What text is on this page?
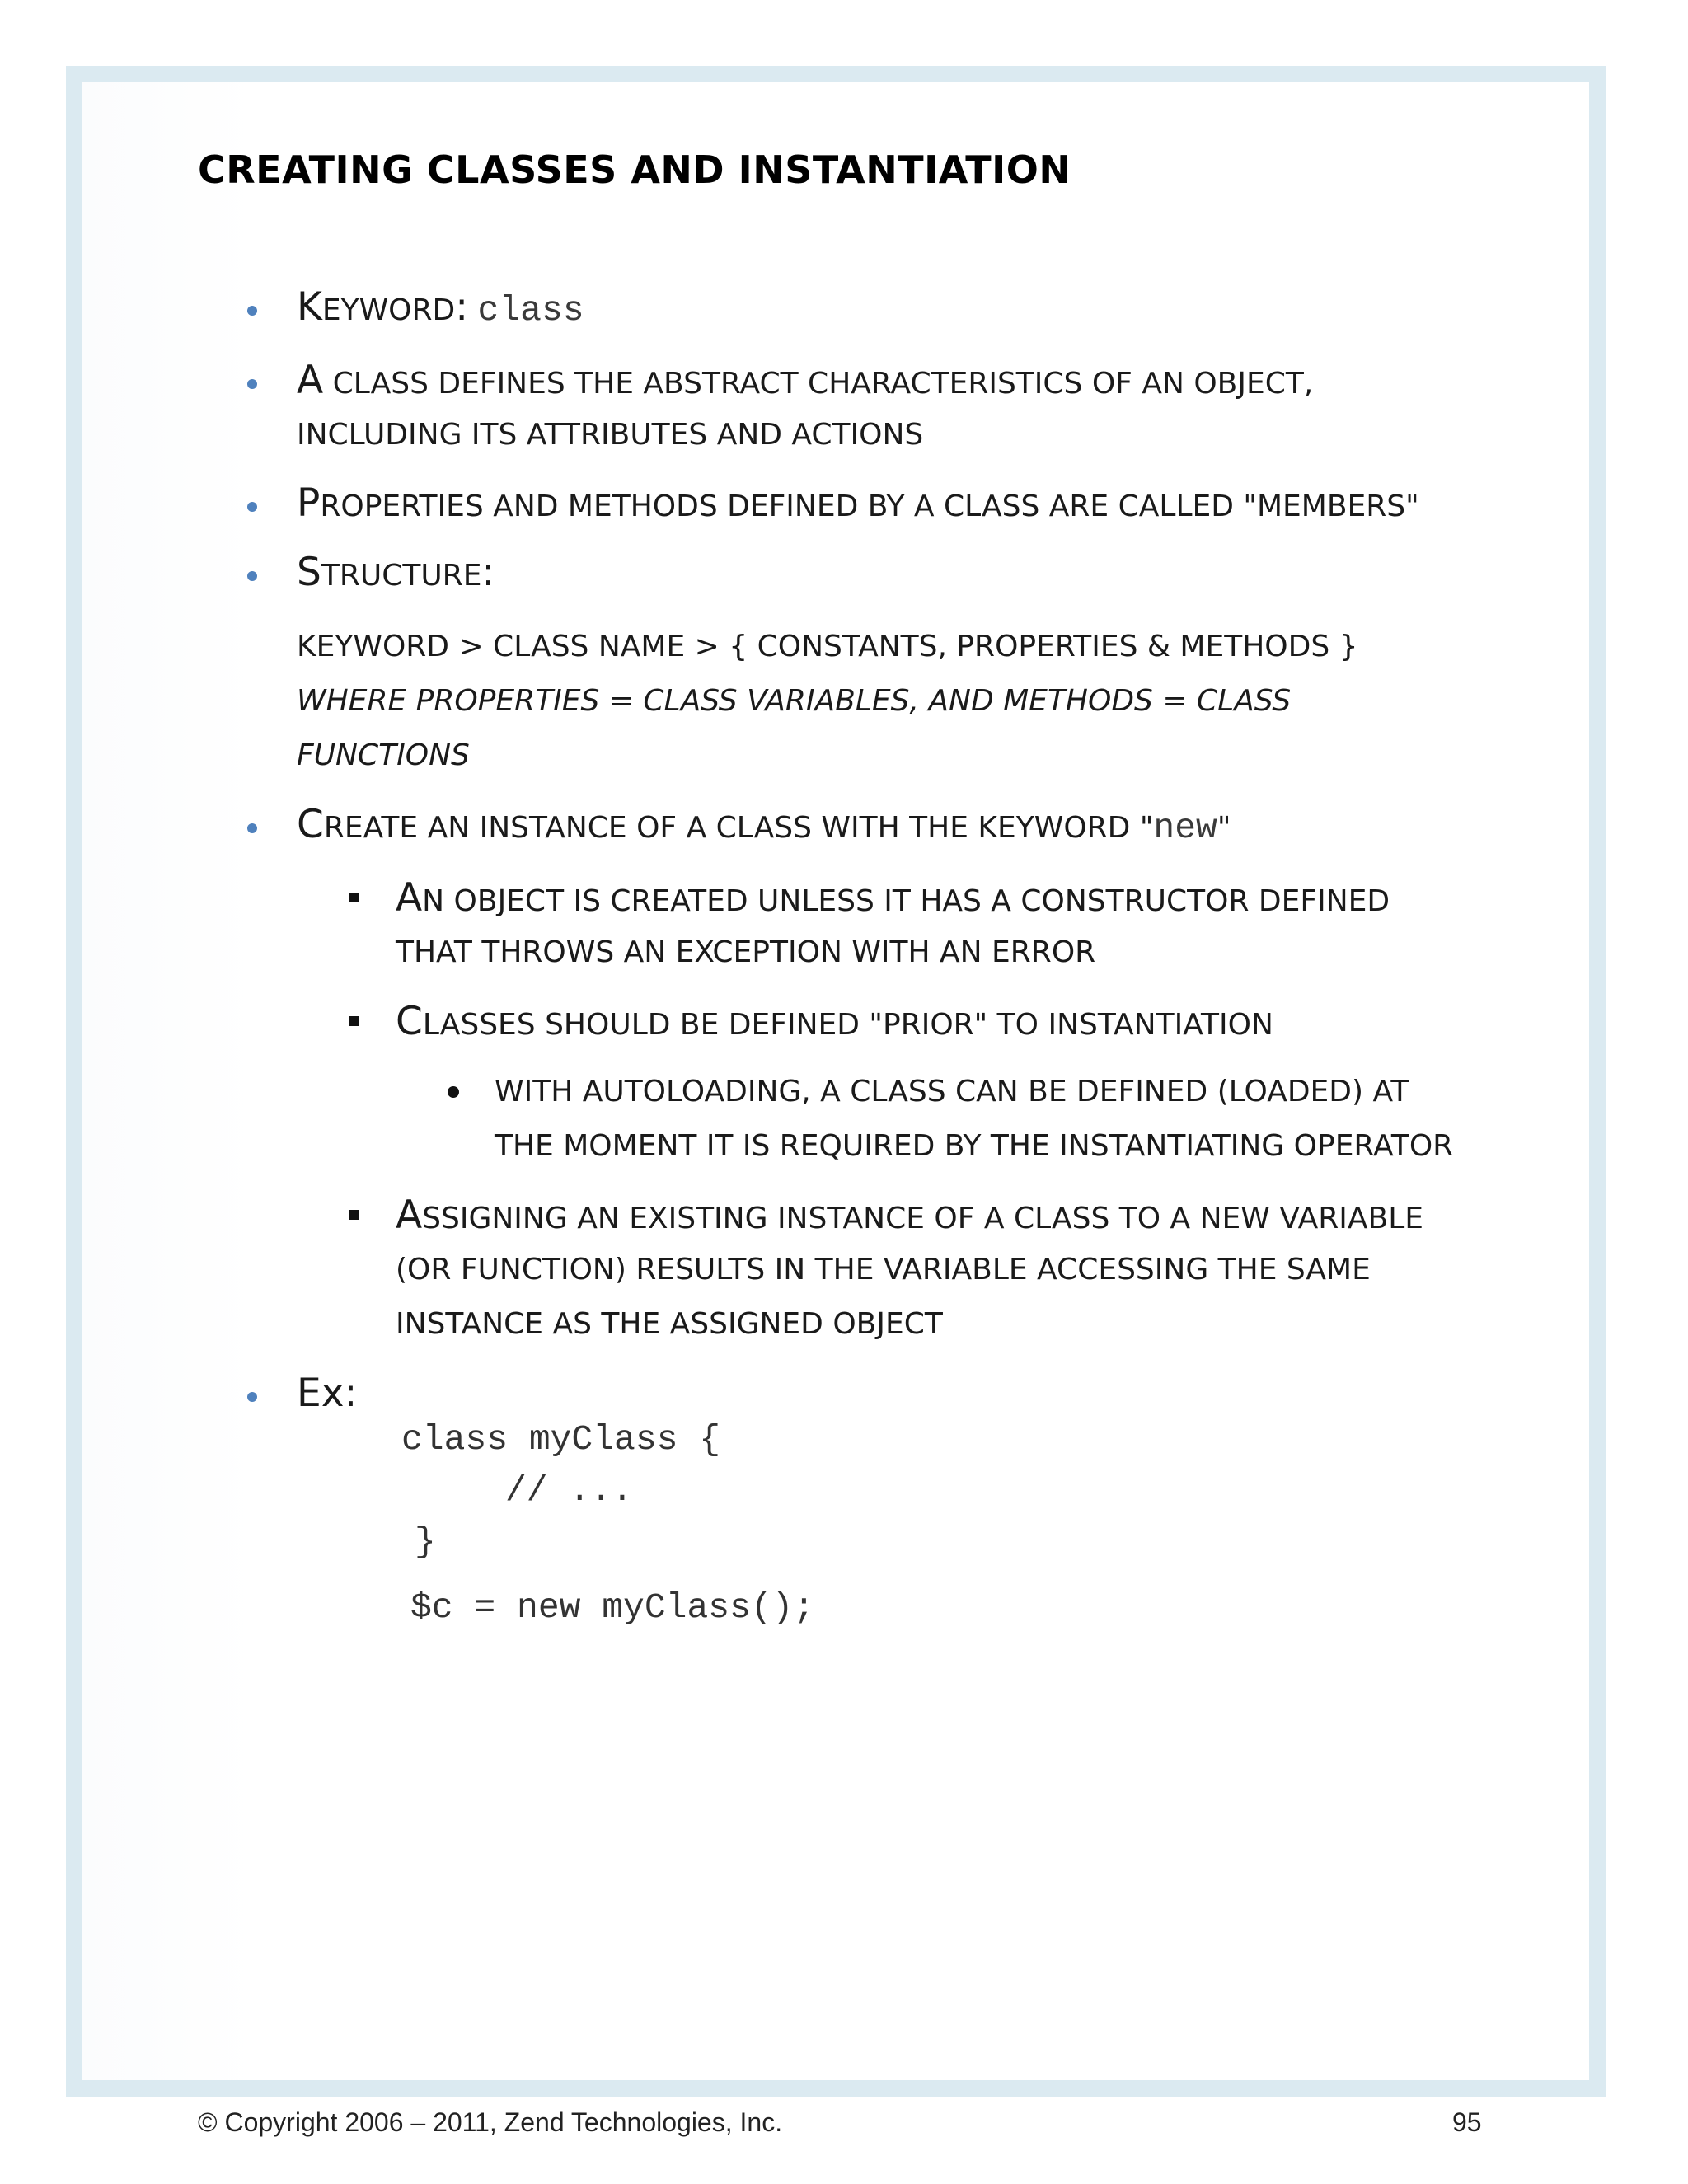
CREATING CLASSES AND INSTANTIATION
KEYWORD: class
A CLASS DEFINES THE ABSTRACT CHARACTERISTICS OF AN OBJECT,
INCLUDING ITS ATTRIBUTES AND ACTIONS
PROPERTIES AND METHODS DEFINED BY A CLASS ARE CALLED "MEMBERS"
STRUCTURE:
KEYWORD > CLASS NAME > { CONSTANTS, PROPERTIES & METHODS }
WHERE PROPERTIES = CLASS VARIABLES, AND METHODS = CLASS
FUNCTIONS
CREATE AN INSTANCE OF A CLASS WITH THE KEYWORD "new"
AN OBJECT IS CREATED UNLESS IT HAS A CONSTRUCTOR DEFINED
THAT THROWS AN EXCEPTION WITH AN ERROR
CLASSES SHOULD BE DEFINED "PRIOR" TO INSTANTIATION
WITH AUTOLOADING, A CLASS CAN BE DEFINED (LOADED) AT
THE MOMENT IT IS REQUIRED BY THE INSTANTIATING OPERATOR
ASSIGNING AN EXISTING INSTANCE OF A CLASS TO A NEW VARIABLE
(OR FUNCTION) RESULTS IN THE VARIABLE ACCESSING THE SAME
INSTANCE AS THE ASSIGNED OBJECT
Ex:
class myClass {
// ...
}
$c = new myClass();
© Copyright 2006 – 2011, Zend Technologies, Inc.	95
